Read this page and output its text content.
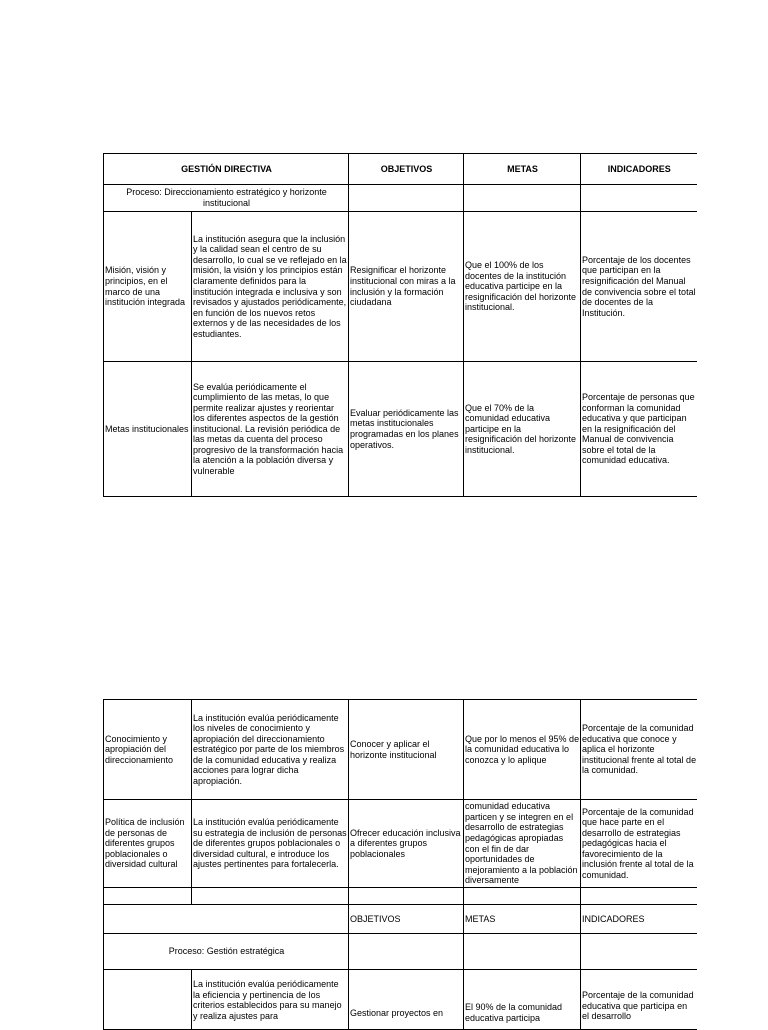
GESTIÓN DIRECTIVA		OBJETIVOS	METAS	INDICADORES
Proceso: Direccionamiento estratégico y horizonte institucional				
Misión, visión y principios, en el marco de una institución integrada	La institución asegura que la inclusión y la calidad sean el centro de su desarrollo, lo cual se ve reflejado en la misión, la visión y los principios están claramente definidos para la institución integrada e inclusiva y son revisados y ajustados periódicamente, en función de los nuevos retos externos y de las necesidades de los estudiantes.	Resignificar el horizonte institucional con miras a la inclusión y la formación ciudadana	Que el 100% de los docentes de la institución educativa participe en la resignificación del horizonte institucional.	Porcentaje de los docentes que participan en la resignificación del Manual de convivencia sobre el total de docentes de la Institución.
Metas institucionales	Se evalúa periódicamente el cumplimiento de las metas, lo que permite realizar ajustes y reorientar los diferentes aspectos de la gestión institucional. La revisión periódica de las metas da cuenta del proceso progresivo de la transformación hacia la atención a la población diversa y vulnerable	Evaluar periódicamente las metas institucionales programadas en los planes operativos.	Que el 70% de la comunidad educativa participe en la resignificación del horizonte institucional.	Porcentaje de personas que conforman la comunidad educativa y que participan en la resignificación del Manual de convivencia sobre el total de la comunidad educativa.
Conocimiento y apropiación del direccionamiento	La institución evalúa periódicamente los niveles de conocimiento y apropiación del direccionamiento estratégico por parte de los miembros de la comunidad educativa y realiza acciones para lograr dicha apropiación.	Conocer y aplicar el horizonte institucional	Que por lo menos el 95% de la comunidad educativa lo conozca y lo aplique	Porcentaje de la comunidad educativa que conoce y aplica el horizonte institucional frente al total de la comunidad.
Política de inclusión de personas de diferentes grupos poblacionales o diversidad cultural	La institución evalúa periódicamente su estrategia de inclusión de personas de diferentes grupos poblacionales o diversidad cultural, e introduce los ajustes pertinentes para fortalecerla.	Ofrecer educación inclusiva a diferentes grupos poblacionales	comunidad educativa particen y se integren en el desarrollo de estrategias pedagógicas apropiadas con el fin de dar oportunidades de mejoramiento a la población diversamente	Porcentaje de la comunidad que hace parte en el desarrollo de estrategias pedagógicas hacia el favorecimiento de la inclusión frente al total de la comunidad.

		OBJETIVOS	METAS	INDICADORES
Proceso: Gestión estratégica				
	La institución evalúa periódicamente la eficiencia y pertinencia de los criterios establecidos para su manejo y realiza ajustes para	Gestionar proyectos en	El 90% de la comunidad educativa participa	Porcentaje de la comunidad educativa que participa en el desarrollo
